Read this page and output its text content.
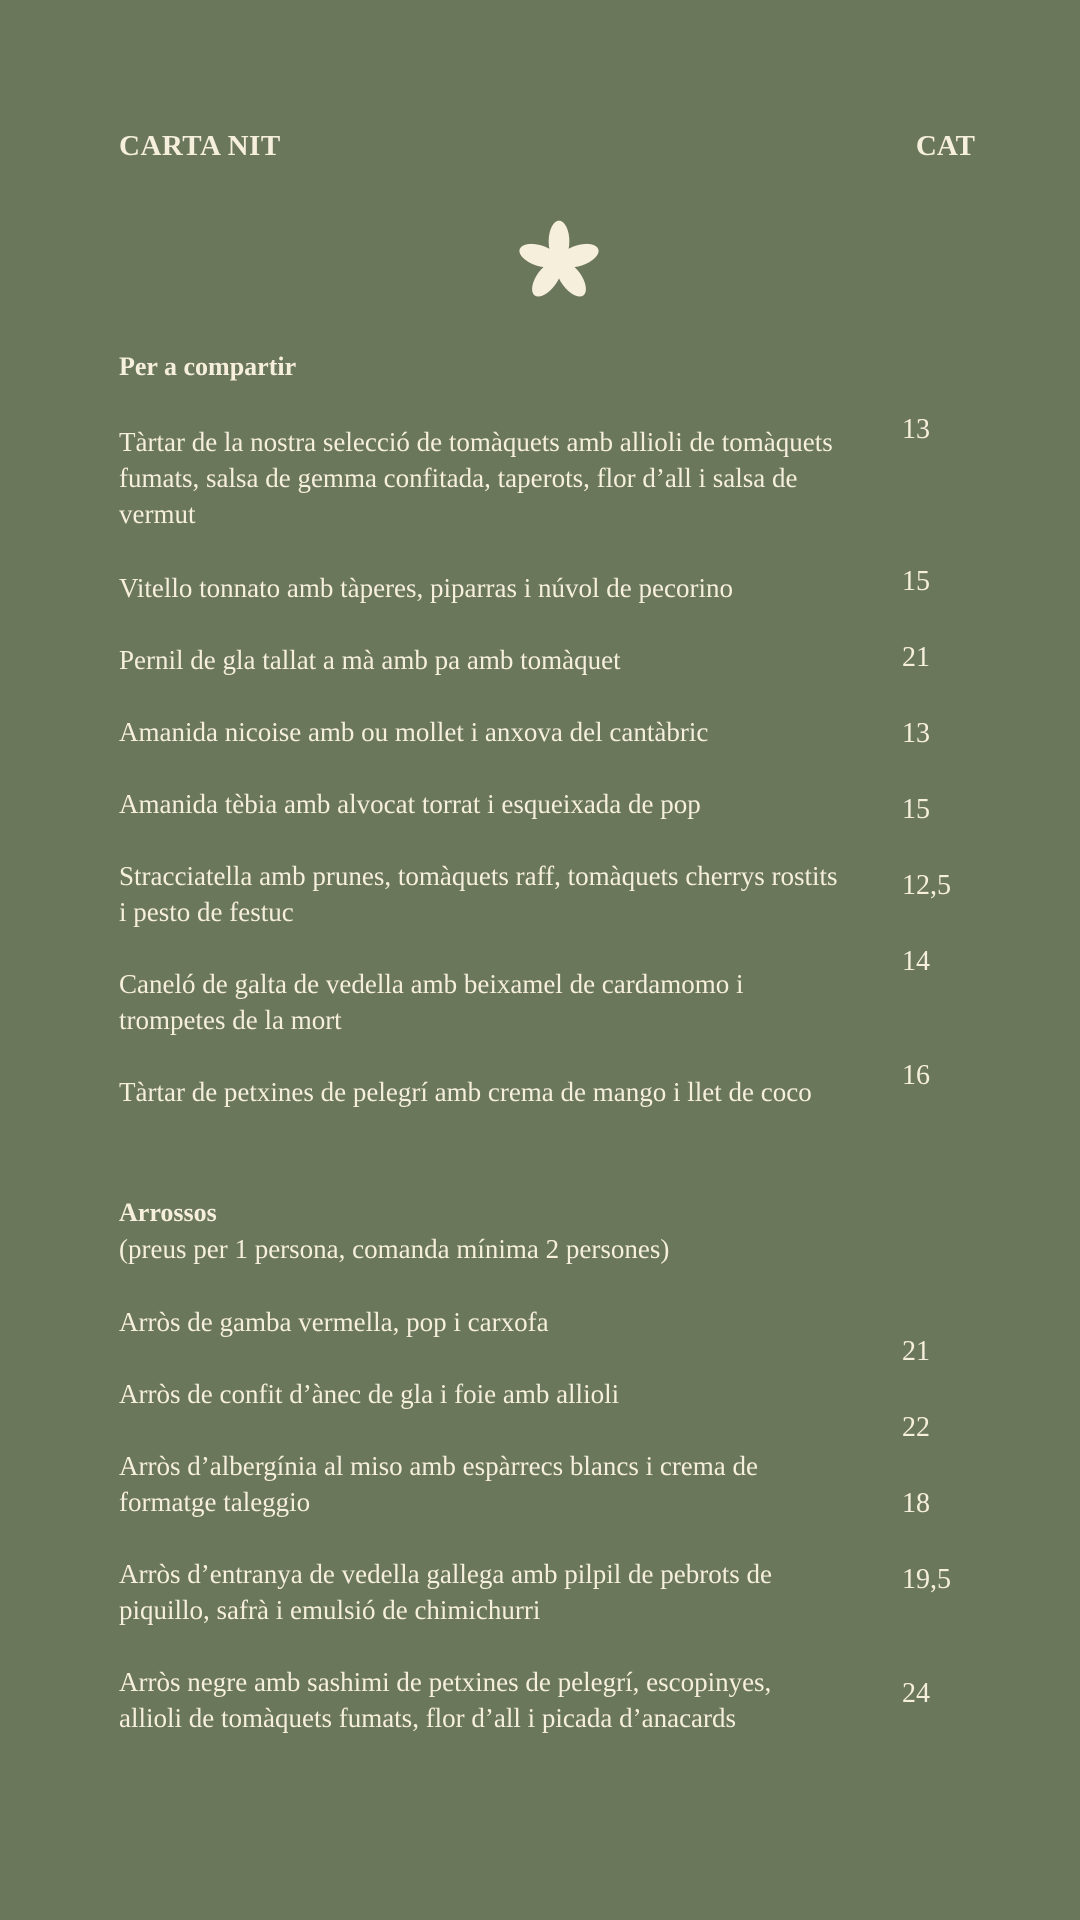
CARTA NIT	CAT
Per a compartir
Tàrtar de la nostra selecció de tomàquets amb allioli de tomàquets fumats, salsa de gemma confitada, taperots, flor d’all i salsa de vermut
13
Vitello tonnato amb tàperes, piparras i núvol de pecorino	15
Pernil de gla tallat a mà amb pa amb tomàquet	21
Amanida nicoise amb ou mollet i anxova del cantàbric	13
Amanida tèbia amb alvocat torrat i esqueixada de pop	15
Stracciatella amb prunes, tomàquets raff, tomàquets cherrys rostits i pesto de festuc
12,5
Caneló de galta de vedella amb beixamel de cardamomo i trompetes de la mort
14
Tàrtar de petxines de pelegrí amb crema de mango i llet de coco
16
Arrossos
(preus per 1 persona, comanda mínima 2 persones)
Arròs de gamba vermella, pop i carxofa
21
Arròs de confit d’ànec de gla i foie amb allioli
22
Arròs d’albergínia al miso amb espàrrecs blancs i crema de formatge taleggio	18
Arròs d’entranya de vedella gallega amb pilpil de pebrots de piquillo, safrà i emulsió de chimichurri
19,5
Arròs negre amb sashimi de petxines de pelegrí, escopinyes, allioli de tomàquets fumats, flor d’all i picada d’anacards
24
